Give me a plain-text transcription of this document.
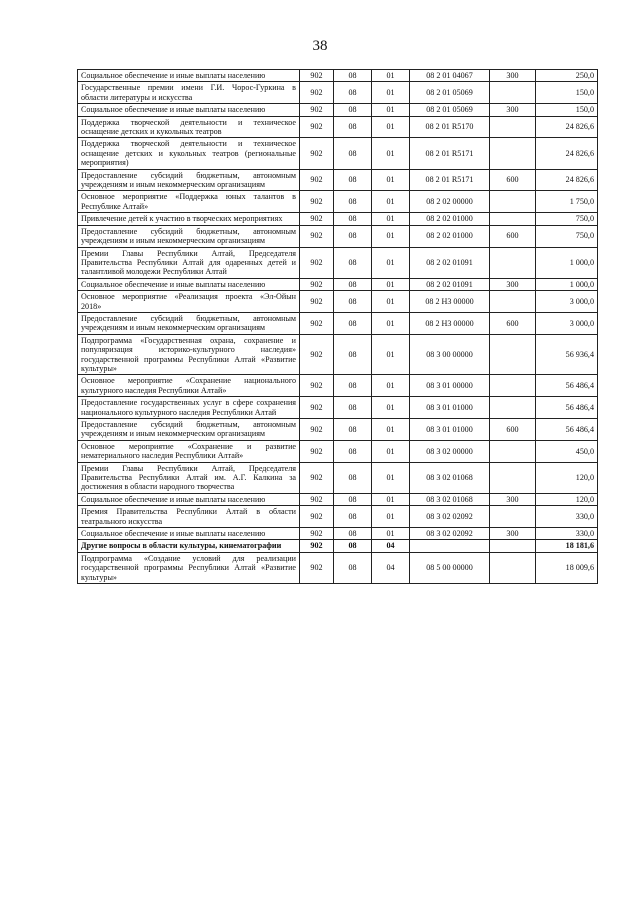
38
Социальное обеспечение и иные выплаты населению	902	08	01	08 2 01 04067	300	250,0
Государственные премии имени Г.И. Чорос-Гуркина в области литературы и искусства	902	08	01	08 2 01 05069		150,0
Социальное обеспечение и иные выплаты населению	902	08	01	08 2 01 05069	300	150,0
Поддержка творческой деятельности и техническое оснащение детских и кукольных театров	902	08	01	08 2 01 R5170		24 826,6
Поддержка творческой деятельности и техническое оснащение детских и кукольных театров (региональные мероприятия)	902	08	01	08 2 01 R5171		24 826,6
Предоставление субсидий бюджетным, автономным учреждениям и иным некоммерческим организациям	902	08	01	08 2 01 R5171	600	24 826,6
Основное мероприятие «Поддержка юных талантов в Республике Алтай»	902	08	01	08 2 02 00000		1 750,0
Привлечение детей к участию в творческих мероприятиях	902	08	01	08 2 02 01000		750,0
Предоставление субсидий бюджетным, автономным учреждениям и иным некоммерческим организациям	902	08	01	08 2 02 01000	600	750,0
Премии Главы Республики Алтай, Председателя Правительства Республики Алтай для одаренных детей и талантливой молодежи Республики Алтай	902	08	01	08 2 02 01091		1 000,0
Социальное обеспечение и иные выплаты населению	902	08	01	08 2 02 01091	300	1 000,0
Основное мероприятие «Реализация проекта «Эл-Ойын 2018»	902	08	01	08 2 Н3 00000		3 000,0
Предоставление субсидий бюджетным, автономным учреждениям и иным некоммерческим организациям	902	08	01	08 2 Н3 00000	600	3 000,0
Подпрограмма «Государственная охрана, сохранение и популяризация историко-культурного наследия» государственной программы Республики Алтай «Развитие культуры»	902	08	01	08 3 00 00000		56 936,4
Основное мероприятие «Сохранение национального культурного наследия Республики Алтай»	902	08	01	08 3 01 00000		56 486,4
Предоставление государственных услуг в сфере сохранения национального культурного наследия Республики Алтай	902	08	01	08 3 01 01000		56 486,4
Предоставление субсидий бюджетным, автономным учреждениям и иным некоммерческим организациям	902	08	01	08 3 01 01000	600	56 486,4
Основное мероприятие «Сохранение и развитие нематериального наследия Республики Алтай»	902	08	01	08 3 02 00000		450,0
Премии Главы Республики Алтай, Председателя Правительства Республики Алтай им. А.Г. Калкина за достижения в области народного творчества	902	08	01	08 3 02 01068		120,0
Социальное обеспечение и иные выплаты населению	902	08	01	08 3 02 01068	300	120,0
Премия Правительства Республики Алтай в области театрального искусства	902	08	01	08 3 02 02092		330,0
Социальное обеспечение и иные выплаты населению	902	08	01	08 3 02 02092	300	330,0
Другие вопросы в области культуры, кинематографии	902	08	04			18 181,6
Подпрограмма «Создание условий для реализации государственной программы Республики Алтай «Развитие культуры»	902	08	04	08 5 00 00000		18 009,6
